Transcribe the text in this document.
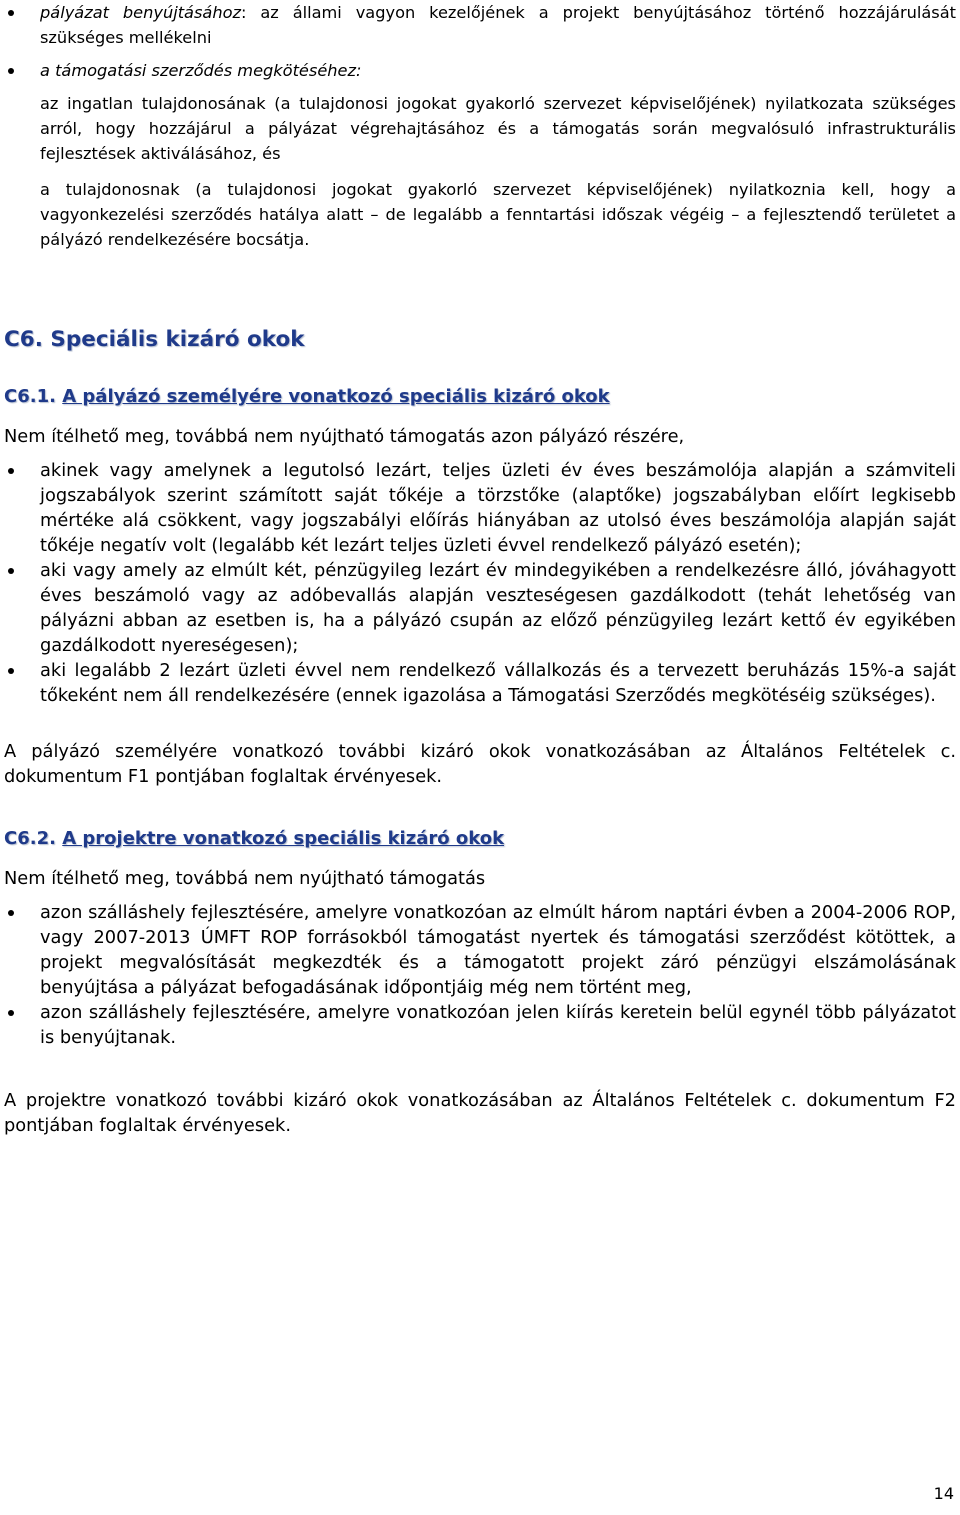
pályázat benyújtásához: az állami vagyon kezelőjének a projekt benyújtásához történő hozzájárulását szükséges mellékelni
a támogatási szerződés megkötéséhez:

az ingatlan tulajdonosának (a tulajdonosi jogokat gyakorló szervezet képviselőjének) nyilatkozata szükséges arról, hogy hozzájárul a pályázat végrehajtásához és a támogatás során megvalósuló infrastrukturális fejlesztések aktiválásához, és

a tulajdonosnak (a tulajdonosi jogokat gyakorló szervezet képviselőjének) nyilatkoznia kell, hogy a vagyonkezelési szerződés hatálya alatt – de legalább a fenntartási időszak végéig – a fejlesztendő területet a pályázó rendelkezésére bocsátja.

C6. Speciális kizáró okok
C6.1. A pályázó személyére vonatkozó speciális kizáró okok

Nem ítélhető meg, továbbá nem nyújtható támogatás azon pályázó részére,

akinek vagy amelynek a legutolsó lezárt, teljes üzleti év éves beszámolója alapján a számviteli jogszabályok szerint számított saját tőkéje a törzstőke (alaptőke) jogszabályban előírt legkisebb mértéke alá csökkent, vagy jogszabályi előírás hiányában az utolsó éves beszámolója alapján saját tőkéje negatív volt (legalább két lezárt teljes üzleti évvel rendelkező pályázó esetén);
aki vagy amely az elmúlt két, pénzügyileg lezárt év mindegyikében a rendelkezésre álló, jóváhagyott éves beszámoló vagy az adóbevallás alapján veszteségesen gazdálkodott (tehát lehetőség van pályázni abban az esetben is, ha a pályázó csupán az előző pénzügyileg lezárt kettő év egyikében gazdálkodott nyereségesen);
aki legalább 2 lezárt üzleti évvel nem rendelkező vállalkozás és a tervezett beruházás 15%-a saját tőkeként nem áll rendelkezésére (ennek igazolása a Támogatási Szerződés megkötéséig szükséges).

A pályázó személyére vonatkozó további kizáró okok vonatkozásában az Általános Feltételek c. dokumentum F1 pontjában foglaltak érvényesek.

C6.2. A projektre vonatkozó speciális kizáró okok

Nem ítélhető meg, továbbá nem nyújtható támogatás

azon szálláshely fejlesztésére, amelyre vonatkozóan az elmúlt három naptári évben a 2004-2006 ROP, vagy 2007-2013 ÚMFT ROP forrásokból támogatást nyertek és támogatási szerződést kötöttek, a projekt megvalósítását megkezdték és a támogatott projekt záró pénzügyi elszámolásának benyújtása a pályázat befogadásának időpontjáig még nem történt meg,
azon szálláshely fejlesztésére, amelyre vonatkozóan jelen kiírás keretein belül egynél több pályázatot is benyújtanak.

A projektre vonatkozó további kizáró okok vonatkozásában az Általános Feltételek c. dokumentum F2 pontjában foglaltak érvényesek.

14
